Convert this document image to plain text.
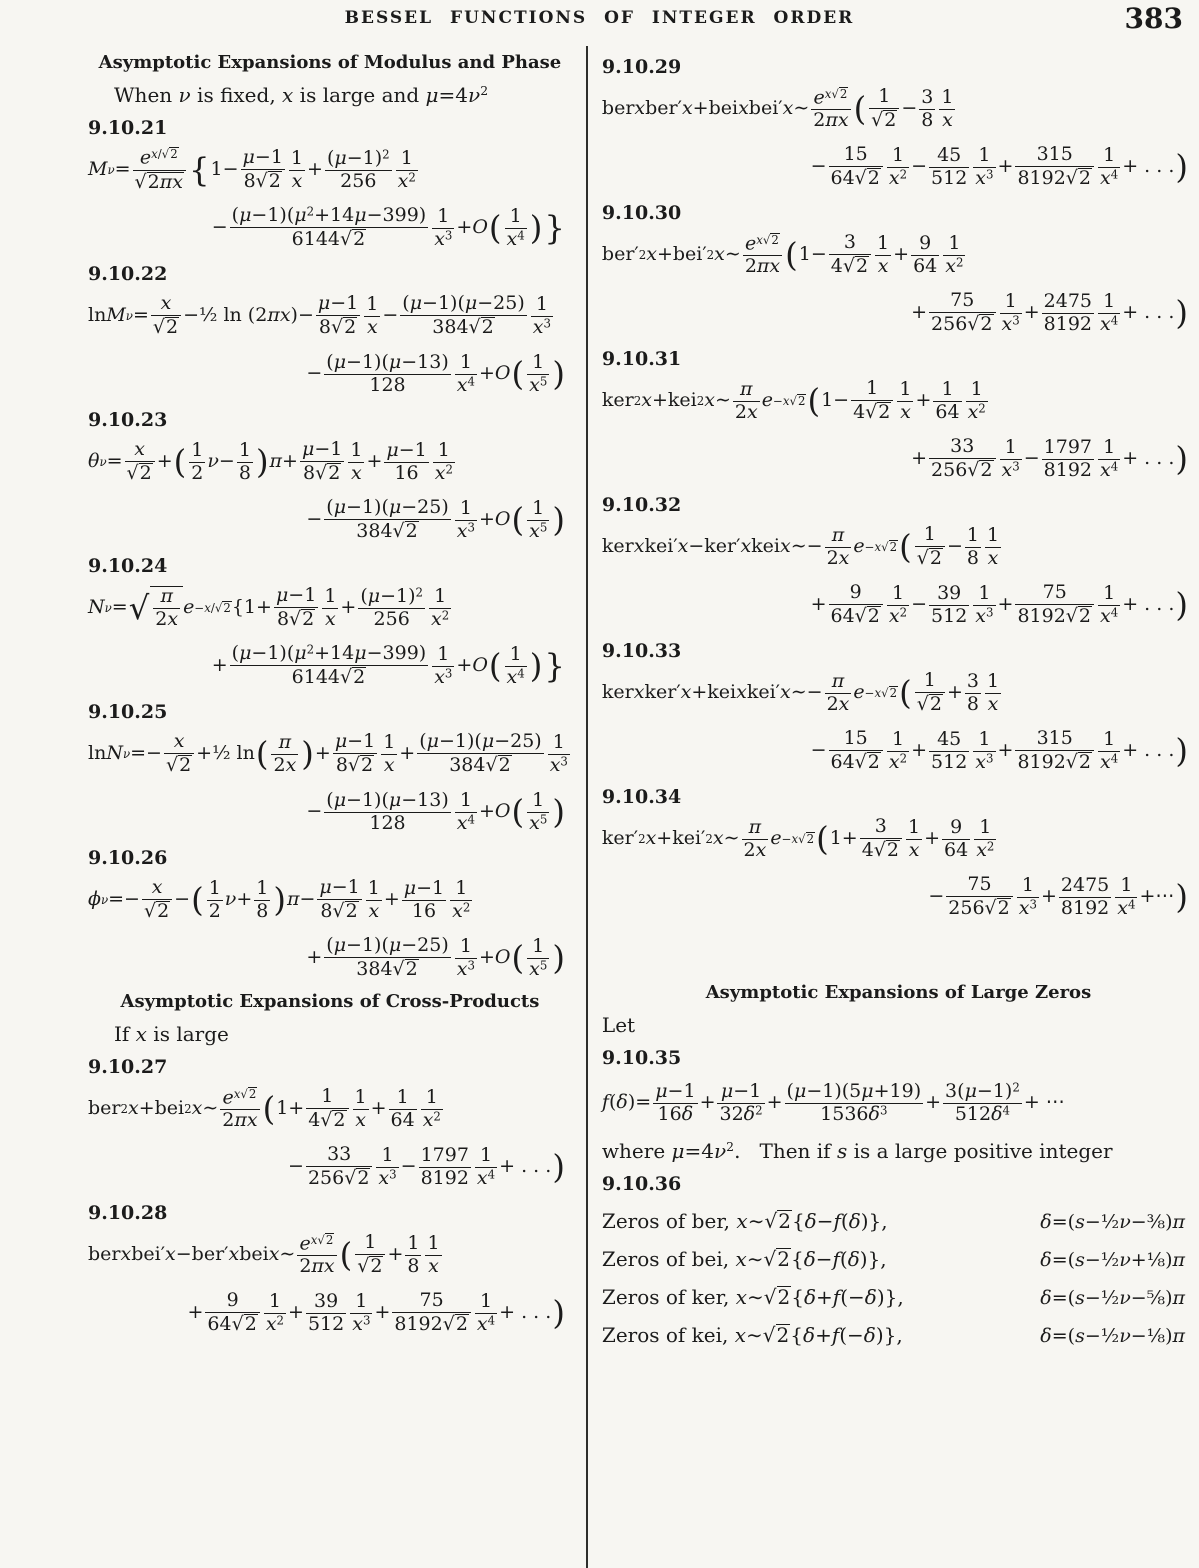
BESSEL FUNCTIONS OF INTEGER ORDER	383
Asymptotic Expansions of Modulus and Phase

When ν is fixed, x is large and $\mu=4\nu^2$

9.10.21
M ν =
$e^{x/√2}$
√2πx { 1−
μ−1
8√2
1
x
+
$(\mu-1)^2$
256
1
$x^2$
−
$(\mu-1)(\mu^2+14\mu-399)$
6144√2
1
$x^3 + O$ ( 1
$x^4$ ) }
9.10.22
ln M ν =
x
√2
−½ ln (2 π x )−
μ−1
8√2
1
x
−
(μ−1)(μ−25)
384√2
1
$x^3$
−
(μ−1)(μ−13)
128
1
$x^4 + O$ ( 1
$x^5$ )
9.10.23
θ ν =
x
√2
+ ( 1
2
ν −
1
8 ) π +
μ−1
8√2
1
x
+
μ−1
16
1
$x^2$
−
(μ−1)(μ−25)
384√2
1
$x^3 + O$ ( 1
$x^5$ )
9.10.24
N ν = √ $\frac{\pi}{2x}$ e −x/√2 {1+
μ−1
8√2
1
x
+
$(\mu-1)^2$
256
1
$x^2$
+
$(\mu-1)(\mu^2+14\mu-399)$
6144√2
1
$x^3 + O$ ( 1
$x^4$ ) }
9.10.25
ln N ν =−
x
√2
+½ ln ( π
2x ) +
μ−1
8√2
1
x
+
(μ−1)(μ−25)
384√2
1
$x^3$
−
(μ−1)(μ−13)
128
1
$x^4 + O$ ( 1
$x^5$ )
9.10.26
ϕ ν =−
x
√2
− ( 1
2
ν +
1
8 ) π −
μ−1
8√2
1
x
+
μ−1
16
1
$x^2$
+
(μ−1)(μ−25)
384√2
1
$x^3 + O$ ( 1
$x^5$ )
Asymptotic Expansions of Cross-Products

If x is large

9.10.27
ber 2 x +bei 2 x ∼ $e^{x√2}$
2πx ( 1+
1
4√2
1
x
+
1
64
1
$x^2$
−
33
256√2
1
$x^3$ −
1797
8192
1
$x^4$ + . . . )
9.10.28
ber x bei′ x −ber′ x bei x ∼ $e^{x√2}$
2πx ( 1
√2
+
1
8
1
x
+
9
64√2
1
$x^2$ +
39
512
1
$x^3$ +
75
8192√2
1
$x^4$ + . . . )
9.10.29
ber x ber′ x +bei x bei′ x ∼ $e^{x√2}$
2πx ( 1
√2
−
3
8
1
x
−
15
64√2
1
$x^2$ −
45
512
1
$x^3$ +
315
8192√2
1
$x^4$ + . . . )
9.10.30
ber′ 2 x +bei′ 2 x ∼ $e^{x√2}$
2πx ( 1−
3
4√2
1
x
+
9
64
1
$x^2$
+
75
256√2
1
$x^3$ +
2475
8192
1
$x^4$ + . . . )
9.10.31
ker 2 x +kei 2 x ∼
π
2x
e −x√2 ( 1−
1
4√2
1
x
+
1
64
1
$x^2$
+
33
256√2
1
$x^3$ −
1797
8192
1
$x^4$ + . . . )
9.10.32
ker x kei′ x −ker′ x kei x ∼−
π
2x
e −x√2 ( 1
√2
−
1
8
1
x
+
9
64√2
1
$x^2$ −
39
512
1
$x^3$ +
75
8192√2
1
$x^4$ + . . . )
9.10.33
ker x ker′ x +kei x kei′ x ∼−
π
2x
e −x√2 ( 1
√2
+
3
8
1
x
−
15
64√2
1
$x^2$ +
45
512
1
$x^3$ +
315
8192√2
1
$x^4$ + . . . )
9.10.34
ker′ 2 x +kei′ 2 x ∼
π
2x
e −x√2 ( 1+
3
4√2
1
x
+
9
64
1
$x^2$
−
75
256√2
1
$x^3$ +
2475
8192
1
$x^4$ +⋯ )
Asymptotic Expansions of Large Zeros

Let

9.10.35
f ( δ )=
μ−1
16δ
+
μ−1
$32\delta^2$ +
(μ−1)(5μ+19)
$1536\delta^3$	+
$3(\mu-1)^2$
$512\delta^4$ + ⋯

where $\mu=4\nu^2$.   Then if s is a large positive integer

9.10.36
Zeros of ber, x∼√2{δ−f(δ)},	δ=(s−½ν−⅜)π
Zeros of bei, x∼√2{δ−f(δ)},	δ=(s−½ν+⅛)π
Zeros of ker, x∼√2{δ+f(−δ)},	δ=(s−½ν−⅝)π
Zeros of kei, x∼√2{δ+f(−δ)},	δ=(s−½ν−⅛)π
